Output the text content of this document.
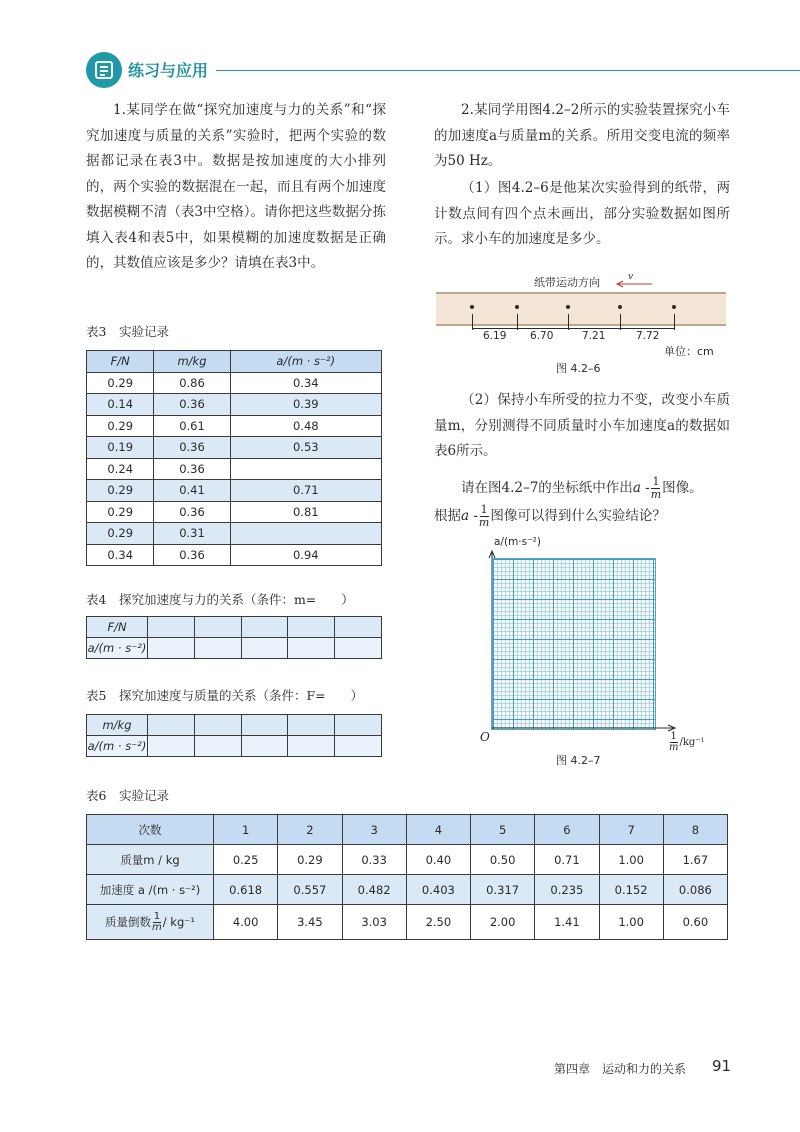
练习与应用
1.某同学在做“探究加速度与力的关系”和“探究加速度与质量的关系”实验时，把两个实验的数据都记录在表3中。数据是按加速度的大小排列的，两个实验的数据混在一起，而且有两个加速度数据模糊不清（表3中空格）。请你把这些数据分拣填入表4和表5中，如果模糊的加速度数据是正确的，其数值应该是多少？请填在表3中。
表3　实验记录
F/N	m/kg	a/(m · s⁻²)
0.29	0.86	0.34
0.14	0.36	0.39
0.29	0.61	0.48
0.19	0.36	0.53
0.24	0.36	
0.29	0.41	0.71
0.29	0.36	0.81
0.29	0.31	
0.34	0.36	0.94
表4　探究加速度与力的关系（条件：m=　　）
F/N					
a/(m · s⁻²)					
表5　探究加速度与质量的关系（条件：F=　　）
m/kg					
a/(m · s⁻²)					
2.某同学用图4.2–2所示的实验装置探究小车的加速度a与质量m的关系。所用交变电流的频率为50 Hz。
（1）图4.2–6是他某次实验得到的纸带，两计数点间有四个点未画出，部分实验数据如图所示。求小车的加速度是多少。
纸带运动方向	v
6.19 6.70	7.21	7.72
单位：cm
图 4.2–6
（2）保持小车所受的拉力不变，改变小车质量m，分别测得不同质量时小车加速度a的数据如表6所示。
请在图4.2–7的坐标纸中作出a - $\frac{1}{m}$ 图像。
根据a - $\frac{1}{m}$ 图像可以得到什么实验结论？
a/(m·s⁻²)
O	$\frac{1}{m} /kg^{-1}$
图 4.2–7
表6　实验记录
次数	1	2	3	4	5	6	7	8
质量m / kg	0.25	0.29	0.33	0.40	0.50	0.71	1.00	1.67
加速度 a /(m · s⁻²)	0.618	0.557	0.482	0.403	0.317	0.235	0.152	0.086
质量倒数 $\frac{1}{m} / kg^{-1}$	4.00	3.45	3.03	2.50	2.00	1.41	1.00	0.60
第四章　运动和力的关系 91
